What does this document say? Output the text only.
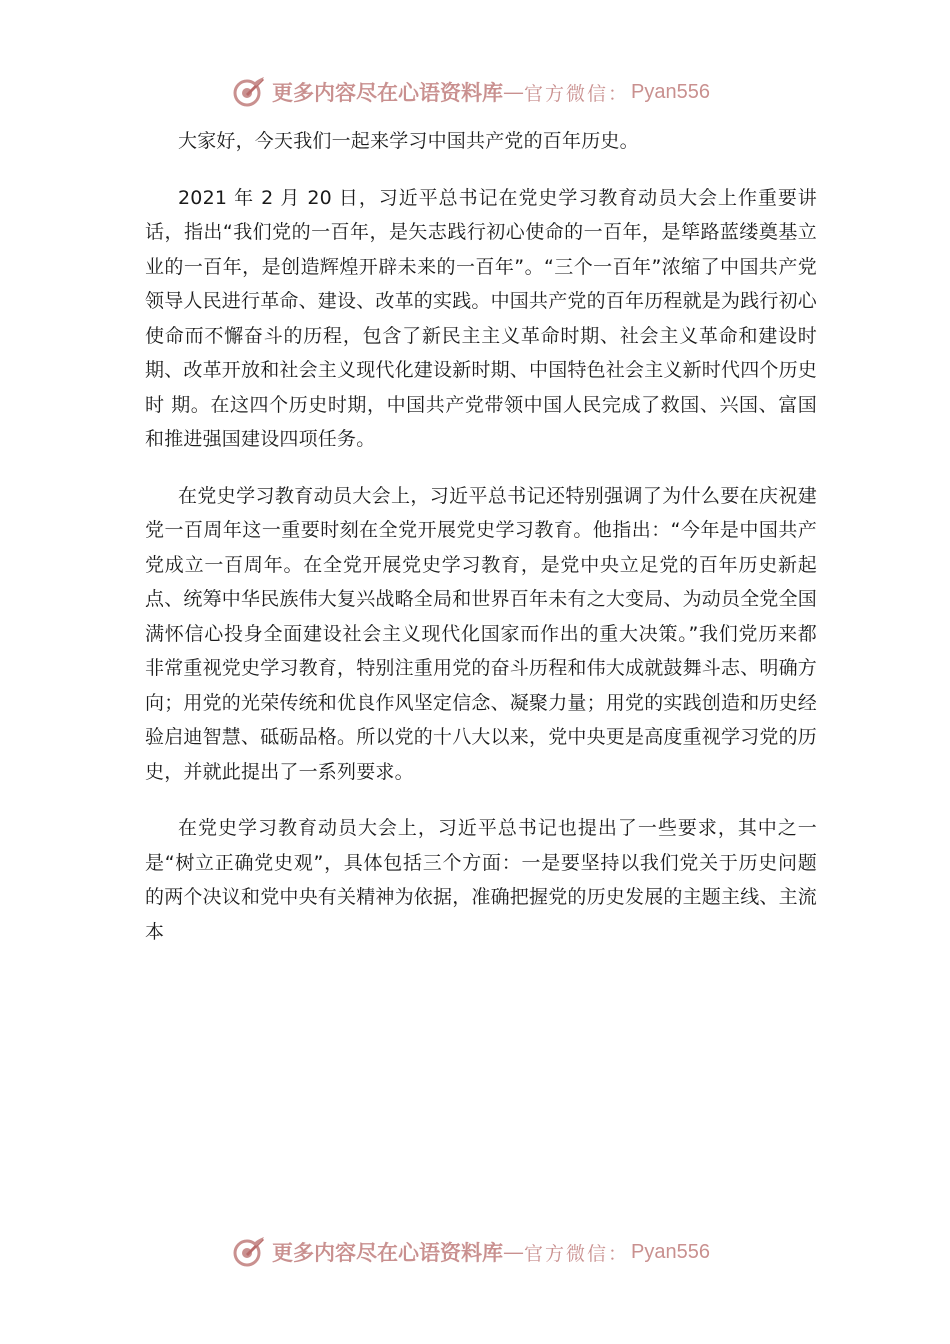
更多内容尽在心语资料库 — 官方微信： Pyan556

大家好，今天我们一起来学习中国共产党的百年历史。

2021 年 2 月 20 日，习近平总书记在党史学习教育动员大会上作重要讲话，指出“我们党的一百年，是矢志践行初心使命的一百年，是筚路蓝缕奠基立业的一百年，是创造辉煌开辟未来的一百年”。“三个一百年”浓缩了中国共产党领导人民进行革命、建设、改革的实践。中国共产党的百年历程就是为践行初心使命而不懈奋斗的历程，包含了新民主主义革命时期、社会主义革命和建设时期、改革开放和社会主义现代化建设新时期、中国特色社会主义新时代四个历史时 期。在这四个历史时期，中国共产党带领中国人民完成了救国、兴国、富国和推进强国建设四项任务。

在党史学习教育动员大会上，习近平总书记还特别强调了为什么要在庆祝建党一百周年这一重要时刻在全党开展党史学习教育。他指出：“今年是中国共产党成立一百周年。在全党开展党史学习教育，是党中央立足党的百年历史新起点、统筹中华民族伟大复兴战略全局和世界百年未有之大变局、为动员全党全国满怀信心投身全面建设社会主义现代化国家而作出的重大决策。”我们党历来都非常重视党史学习教育，特别注重用党的奋斗历程和伟大成就鼓舞斗志、明确方向；用党的光荣传统和优良作风坚定信念、凝聚力量；用党的实践创造和历史经验启迪智慧、砥砺品格。所以党的十八大以来，党中央更是高度重视学习党的历史，并就此提出了一系列要求。

在党史学习教育动员大会上，习近平总书记也提出了一些要求，其中之一是“树立正确党史观”，具体包括三个方面：一是要坚持以我们党关于历史问题的两个决议和党中央有关精神为依据，准确把握党的历史发展的主题主线、主流本

更多内容尽在心语资料库 — 官方微信： Pyan556
